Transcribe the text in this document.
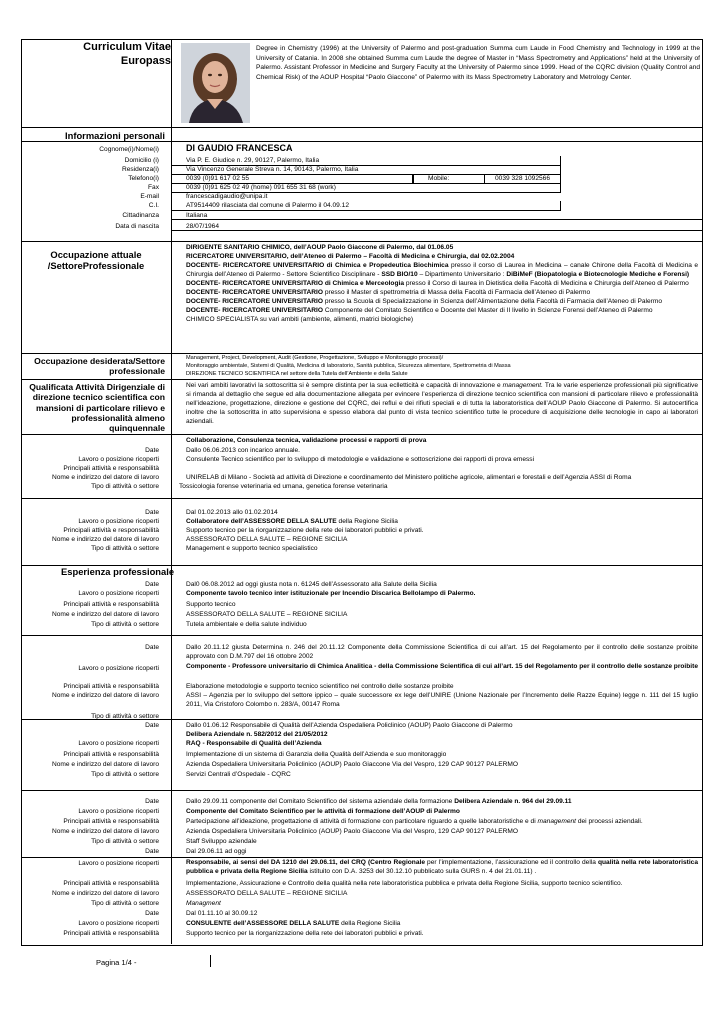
Curriculum Vitae
Europass
Degree in Chemistry (1996) at the University of Palermo and post-graduation Summa cum Laude in Food Chemistry and Technology in 1999 at the University of Catania. In 2008 she obtained Summa cum Laude the degree of Master in “Mass Spectrometry and Applications” held at the University of Palermo. Assistant Professor in Medicine and Surgery Faculty at the University of Palermo since 1999. Head of the CQRC division (Quality Control and Chemical Risk) of the AOUP Hospital “Paolo Giaccone” of Palermo with its Mass Spectrometry Laboratory and Metrology Center.
Informazioni personali
Cognome(i)/Nome(i)	DI GAUDIO FRANCESCA
Domicilio (i)	Via P. E. Giudice n. 29, 90127, Palermo, Italia
Residenza(i)	Via Vincenzo Generale Streva n. 14, 90143, Palermo, Italia
Telefono(i)	0039 (0)91 617 02 55	Mobile:	0039 328 1092566
Fax	0039 (0)91 625 02 49 (home) 091 655 31 68 (work)
E-mail	francescadigaudio@unipa.it
C.I.	AT9514409 rilasciata dal comune di Palermo il 04.09.12
Cittadinanza	Italiana
Data di nascita	28/07/1964
Occupazione attuale
/SettoreProfessionale
DIRIGENTE SANITARIO CHIMICO, dell’AOUP Paolo Giaccone di Palermo, dal 01.06.05
RICERCATORE UNIVERSITARIO, dell’Ateneo di Palermo – Facoltà di Medicina e Chirurgia, dal 02.02.2004
DOCENTE- RICERCATORE UNIVERSITARIO di Chimica e Propedeutica Biochimica presso il corso di Laurea in Medicina – canale Chirone della Facoltà di Medicina e Chirurgia dell’Ateneo di Palermo - Settore Scientifico Disciplinare - SSD BIO/10 – Dipartimento Universitario : DiBiMeF (Biopatologia e Biotecnologie Mediche e Forensi)
DOCENTE- RICERCATORE UNIVERSITARIO di Chimica e Merceologia presso il Corso di laurea in Dietistica della Facoltà di Medicina e Chirurgia dell’Ateneo di Palermo
DOCENTE- RICERCATORE UNIVERSITARIO presso il Master di spettrometria di Massa della Facoltà di Farmacia dell’Ateneo di Palermo
DOCENTE- RICERCATORE UNIVERSITARIO presso la Scuola di Specializzazione in Scienza dell’Alimentazione della Facoltà di Farmacia dell’Ateneo di Palermo
DOCENTE- RICERCATORE UNIVERSITARIO Componente del Comitato Scientifico e Docente del Master di II livello in Scienze Forensi dell’Ateneo di Palermo
CHIMICO SPECIALISTA su vari ambiti (ambiente, alimenti, matrici biologiche)
Occupazione desiderata/Settore professionale
Management, Project, Development, Audit (Gestione, Progettazione, Sviluppo e Monitoraggio processi)/
Monitoraggio ambientale, Sistemi di Qualità, Medicina di laboratorio, Sanità pubblica, Sicurezza alimentare, Spettrometria di Massa
DIREZIONE TECNICO SCIENTIFICA nel settore della Tutela dell’Ambiente e della Salute
Qualificata Attività Dirigenziale di direzione tecnico scientifica con mansioni di particolare rilievo e professionalità almeno quinquennale
Nei vari ambiti lavorativi la sottoscritta si è sempre distinta per la sua eclletticità e capacità di innovazione e management. Tra le varie esperienze professionali più significative si rimanda al dettaglio che segue ed alla documentazione allegata per evincere l’esperienza di direzione tecnico scientifica con mansioni di particolare rilievo e professionalità nell’ideazione, progettazione, direzione e gestione del CQRC, dei reflui e dei rifiuti speciali e di tutta la laboratoristica dell’AOUP Paolo Giaccone di Palermo. Si autocertifica inoltre che la sottoscritta in atto supervisiona e spesso elabora dal punto di vista tecnico scientifico tutte le procedure di acquisizione delle tecnologie in capo ai laboratori aziendali.
Collaborazione, Consulenza tecnica, validazione processi e rapporti di prova
Date	Dallo 06.06.2013 con incarico annuale.
Lavoro o posizione ricoperti	Consulente Tecnico scientifico per lo sviluppo di metodologie e validazione e sottoscrizione dei rapporti di prova emessi
Principali attività e responsabilità
Nome e indirizzo del datore di lavoro	UNIRELAB di Milano - Società ad attività di Direzione e coordinamento del Ministero politiche agricole, alimentari e forestali e dell’Agenzia ASSI di Roma
Tipo di attività o settore	Tossicologia forense veterinaria ed umana, genetica forense veterinaria
Date	Dal 01.02.2013 allo 01.02.2014
Lavoro o posizione ricoperti	Collaboratore dell’ASSESSORE DELLA SALUTE della Regione Sicilia
Principali attività e responsabilità	Supporto tecnico per la riorganizzazione della rete dei laboratori pubblici e privati.
Nome e indirizzo del datore di lavoro	ASSESSORATO DELLA SALUTE – REGIONE SICILIA
Tipo di attività o settore	Management e supporto tecnico specialistico
Esperienza professionale
Date	Dal0 06.08.2012 ad oggi giusta nota n. 61245 dell’Assessorato alla Salute della Sicilia
Lavoro o posizione ricoperti	Componente tavolo tecnico inter istituzionale per Incendio Discarica Bellolampo di Palermo.
Principali attività e responsabilità	Supporto tecnico
Nome e indirizzo del datore di lavoro	ASSESSORATO DELLA SALUTE – REGIONE SICILIA
Tipo di attività o settore	Tutela ambientale e della salute individuo
Date	Dallo 20.11.12 giusta Determina n. 246 del 20.11.12 Componente della Commissione Scientifica di cui all’art. 15 del Regolamento per il controllo delle sostanze proibite approvato con D.M.797 del 16 ottobre 2002
Lavoro o posizione ricoperti	Componente - Professore universitario di Chimica Analitica - della Commissione Scientifica di cui all’art. 15 del Regolamento per il controllo delle sostanze proibite
Principali attività e responsabilità	Elaborazione metodologie e supporto tecnico scientifico nel controllo delle sostanze proibite
Nome e indirizzo del datore di lavoro	ASSI – Agenzia per lo sviluppo del settore ippico – quale successore ex lege dell’UNIRE (Unione Nazionale per l’Incremento delle Razze Equine) legge n. 111 del 15 luglio 2011, Via Cristoforo Colombo n. 283/A, 00147 Roma
Tipo di attività o settore
Date	Dallo 01.06.12 Responsabile di Qualità dell’Azienda Ospedaliera Policlinico (AOUP) Paolo Giaccone di Palermo
Delibera Aziendale n. 582/2012 del 21/05/2012
Lavoro o posizione ricoperti	RAQ - Responsabile di Qualità dell’Azienda
Principali attività e responsabilità	Implementazione di un sistema di Garanzia della Qualità dell’Azienda e suo monitoraggio
Nome e indirizzo del datore di lavoro	Azienda Ospedaliera Universitaria Policlinico (AOUP) Paolo Giaccone Via del Vespro, 129 CAP 90127 PALERMO
Tipo di attività o settore	Servizi Centrali d’Ospedale - CQRC
Date	Dallo 29.09.11 componente del Comitato Scientifico del sistema aziendale della formazione Delibera Aziendale n. 964 del 29.09.11
Lavoro o posizione ricoperti	Componente del Comitato Scientifico per le attività di formazione dell’AOUP di Palermo
Principali attività e responsabilità	Partecipazione all’ideazione, progettazione di attività di formazione con particolare riguardo a quelle laboratoristiche e di management dei processi aziendali.
Nome e indirizzo del datore di lavoro	Azienda Ospedaliera Universitaria Policlinico (AOUP) Paolo Giaccone Via del Vespro, 129 CAP 90127 PALERMO
Tipo di attività o settore	Staff Sviluppo aziendale
Date	Dal 29.06.11 ad oggi
Lavoro o posizione ricoperti	Responsabile, ai sensi del DA 1210 del 29.06.11, del CRQ (Centro Regionale per l’implementazione, l’assicurazione ed il controllo della qualità nella rete laboratoristica pubblica e privata della Regione Sicilia istituito con D.A. 3253 del 30.12.10 pubblicato sulla GURS n. 4 del 21.01.11) .
Principali attività e responsabilità	Implementazione, Assicurazione e Controllo della qualità nella rete laboratoristica pubblica e privata della Regione Sicilia, supporto tecnico scientifico.
Nome e indirizzo del datore di lavoro	ASSESSORATO DELLA SALUTE – REGIONE SICILIA
Tipo di attività o settore	Managment
Date	Dal 01.11.10 al 30.09.12
Lavoro o posizione ricoperti	CONSULENTE dell’ASSESSORE DELLA SALUTE della Regione Sicilia
Principali attività e responsabilità	Supporto tecnico per la riorganizzazione della rete dei laboratori pubblici e privati.
Pagina 1/4 -
